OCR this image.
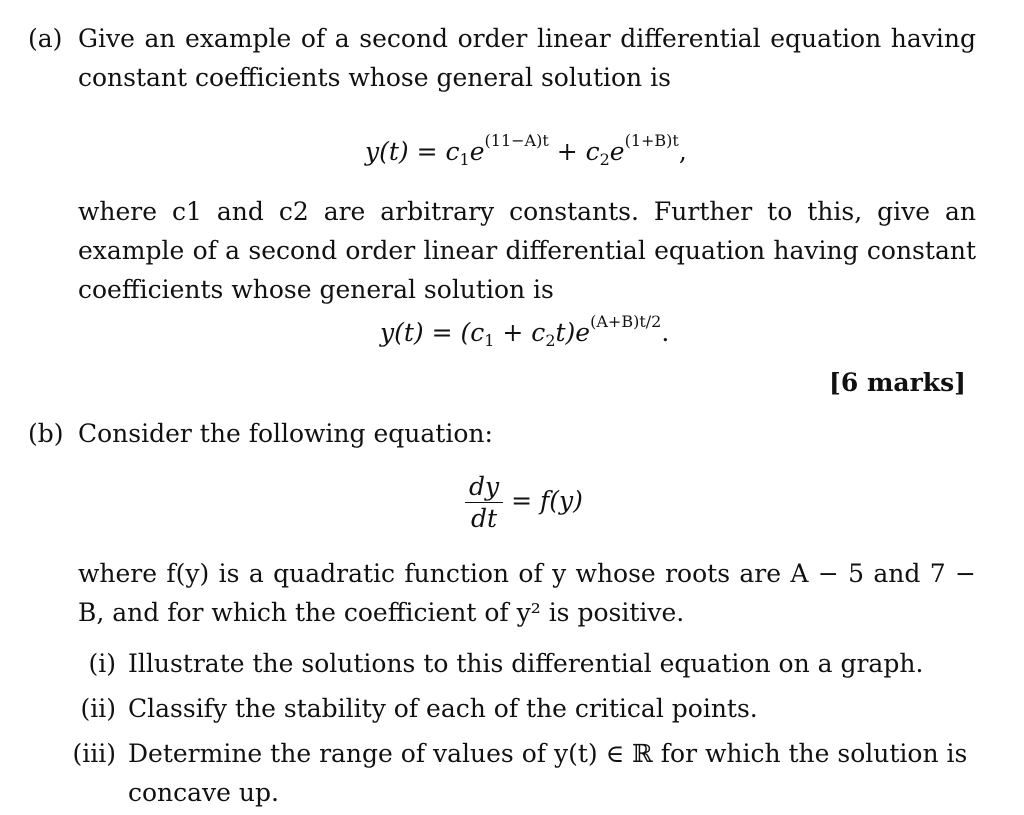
(a) Give an example of a second order linear differential equation having constant coefficients whose general solution is
$y(t) = c_1e^{(11-A)t} + c_2e^{(1+B)t}$,
where c1 and c2 are arbitrary constants. Further to this, give an example of a second order linear differential equation having constant coefficients whose general solution is
$y(t) = (c_1 + c_2t)e^{(A+B)t/2}$.
[6 marks]
(b) Consider the following equation:
$\frac{dy}{dt} = f(y)$
where f(y) is a quadratic function of y whose roots are A − 5 and 7 − B, and for which the coefficient of y² is positive.
(i) Illustrate the solutions to this differential equation on a graph.
(ii) Classify the stability of each of the critical points.
(iii) Determine the range of values of y(t) ∈ ℝ for which the solution is concave up.
